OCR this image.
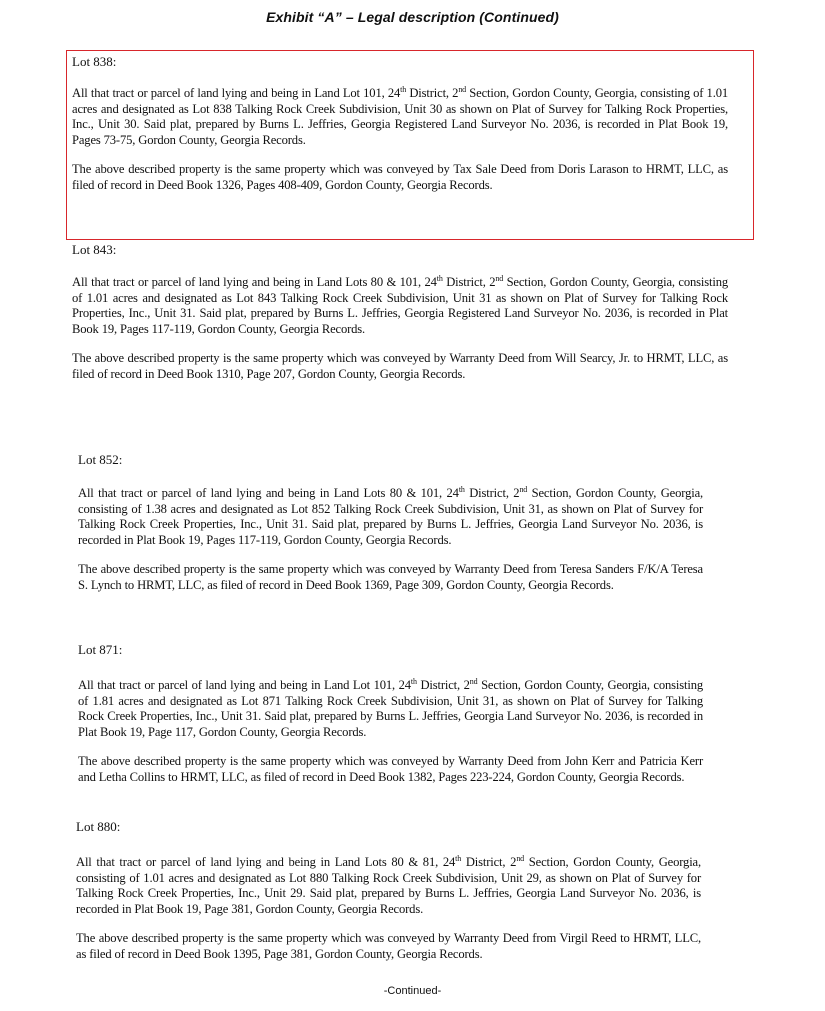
Exhibit “A” – Legal description (Continued)
Lot 838:

All that tract or parcel of land lying and being in Land Lot 101, 24th District, 2nd Section, Gordon County, Georgia, consisting of 1.01 acres and designated as Lot 838 Talking Rock Creek Subdivision, Unit 30 as shown on Plat of Survey for Talking Rock Properties, Inc., Unit 30. Said plat, prepared by Burns L. Jeffries, Georgia Registered Land Surveyor No. 2036, is recorded in Plat Book 19, Pages 73-75, Gordon County, Georgia Records.

The above described property is the same property which was conveyed by Tax Sale Deed from Doris Larason to HRMT, LLC, as filed of record in Deed Book 1326, Pages 408-409, Gordon County, Georgia Records.

Lot 843:

All that tract or parcel of land lying and being in Land Lots 80 & 101, 24th District, 2nd Section, Gordon County, Georgia, consisting of 1.01 acres and designated as Lot 843 Talking Rock Creek Subdivision, Unit 31 as shown on Plat of Survey for Talking Rock Properties, Inc., Unit 31. Said plat, prepared by Burns L. Jeffries, Georgia Registered Land Surveyor No. 2036, is recorded in Plat Book 19, Pages 117-119, Gordon County, Georgia Records.

The above described property is the same property which was conveyed by Warranty Deed from Will Searcy, Jr. to HRMT, LLC, as filed of record in Deed Book 1310, Page 207, Gordon County, Georgia Records.

Lot 852:

All that tract or parcel of land lying and being in Land Lots 80 & 101, 24th District, 2nd Section, Gordon County, Georgia, consisting of 1.38 acres and designated as Lot 852 Talking Rock Creek Subdivision, Unit 31, as shown on Plat of Survey for Talking Rock Creek Properties, Inc., Unit 31. Said plat, prepared by Burns L. Jeffries, Georgia Land Surveyor No. 2036, is recorded in Plat Book 19, Pages 117-119, Gordon County, Georgia Records.

The above described property is the same property which was conveyed by Warranty Deed from Teresa Sanders F/K/A Teresa S. Lynch to HRMT, LLC, as filed of record in Deed Book 1369, Page 309, Gordon County, Georgia Records.

Lot 871:

All that tract or parcel of land lying and being in Land Lot 101, 24th District, 2nd Section, Gordon County, Georgia, consisting of 1.81 acres and designated as Lot 871 Talking Rock Creek Subdivision, Unit 31, as shown on Plat of Survey for Talking Rock Creek Properties, Inc., Unit 31. Said plat, prepared by Burns L. Jeffries, Georgia Land Surveyor No. 2036, is recorded in Plat Book 19, Page 117, Gordon County, Georgia Records.

The above described property is the same property which was conveyed by Warranty Deed from John Kerr and Patricia Kerr and Letha Collins to HRMT, LLC, as filed of record in Deed Book 1382, Pages 223-224, Gordon County, Georgia Records.

Lot 880:

All that tract or parcel of land lying and being in Land Lots 80 & 81, 24th District, 2nd Section, Gordon County, Georgia, consisting of 1.01 acres and designated as Lot 880 Talking Rock Creek Subdivision, Unit 29, as shown on Plat of Survey for Talking Rock Creek Properties, Inc., Unit 29. Said plat, prepared by Burns L. Jeffries, Georgia Land Surveyor No. 2036, is recorded in Plat Book 19, Page 381, Gordon County, Georgia Records.

The above described property is the same property which was conveyed by Warranty Deed from Virgil Reed to HRMT, LLC, as filed of record in Deed Book 1395, Page 381, Gordon County, Georgia Records.

-Continued-
